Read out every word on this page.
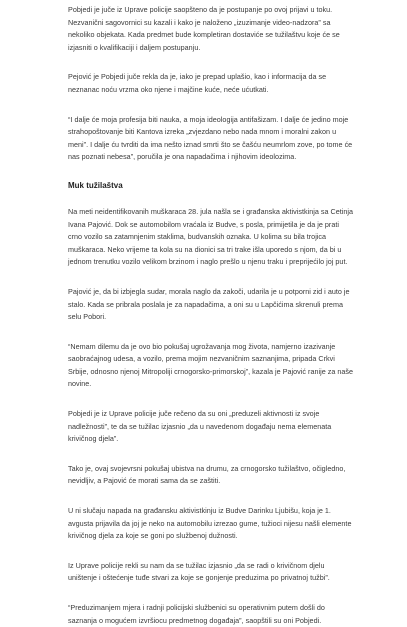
Pobjedi je juče iz Uprave policije saopšteno da je postupanje po ovoj prijavi u toku. Nezvanični sagovornici su kazali i kako je naloženo „izuzimanje video-nadzora” sa nekoliko objekata. Kada predmet bude kompletiran dostaviće se tužilaštvu koje će se izjasniti o kvalifikaciji i daljem postupanju.

Pejović je Pobjedi juče rekla da je, iako je prepad uplašio, kao i informacija da se neznanac noću vrzma oko njene i majčine kuće, neće ućutkati.

“I dalje će moja profesija biti nauka, a moja ideologija antifašizam. I dalje će jedino moje strahopoštovanje biti Kantova izreka „zvjezdano nebo nada mnom i moralni zakon u meni”. I dalje ću tvrditi da ima nešto iznad smrti što se čašću neumrlom zove, po tome će nas poznati nebesa”, poručila je ona napadačima i njihovim ideolozima.

Muk tužilaštva

Na meti neidentifikovanih muškaraca 28. jula našla se i građanska aktivistkinja sa Cetinja Ivana Pajović. Dok se automobilom vraćala iz Budve, s posla, primijetila je da je prati crno vozilo sa zatamnjenim staklima, budvanskih oznaka. U kolima su bila trojica muškaraca. Neko vrijeme ta kola su na dionici sa tri trake išla uporedo s njom, da bi u jednom trenutku vozilo velikom brzinom i naglo prešlo u njenu traku i preprijećilo joj put.

Pajović je, da bi izbjegla sudar, morala naglo da zakoči, udarila je u potporni zid i auto je stalo. Kada se pribrala poslala je za napadačima, a oni su u Lapčićima skrenuli prema selu Pobori.

“Nemam dilemu da je ovo bio pokušaj ugrožavanja mog života, namjerno izazivanje saobraćajnog udesa, a vozilo, prema mojim nezvaničnim saznanjima, pripada Crkvi Srbije, odnosno njenoj Mitropoliji crnogorsko-primorskoj”, kazala je Pajović ranije za naše novine.

Pobjedi je iz Uprave policije juče rečeno da su oni „preduzeli aktivnosti iz svoje nadležnosti”, te da se tužilac izjasnio „da u navedenom događaju nema elemenata krivičnog djela”.

Tako je, ovaj svojevrsni pokušaj ubistva na drumu, za crnogorsko tužilaštvo, očigledno, nevidljiv, a Pajović će morati sama da se zaštiti.

U ni slučaju napada na građansku aktivistkinju iz Budve Darinku Ljubišu, koja je 1. avgusta prijavila da joj je neko na automobilu izrezao gume, tužioci nijesu našli elemente krivičnog djela za koje se goni po službenoj dužnosti.

Iz Uprave policije rekli su nam da se tužilac izjasnio „da se radi o krivičnom djelu uništenje i oštećenje tuđe stvari za koje se gonjenje preduzima po privatnoj tužbi”.

“Preduzimanjem mjera i radnji policijski službenici su operativnim putem došli do saznanja o mogućem izvršiocu predmetnog događaja”, saopštili su oni Pobjedi.
